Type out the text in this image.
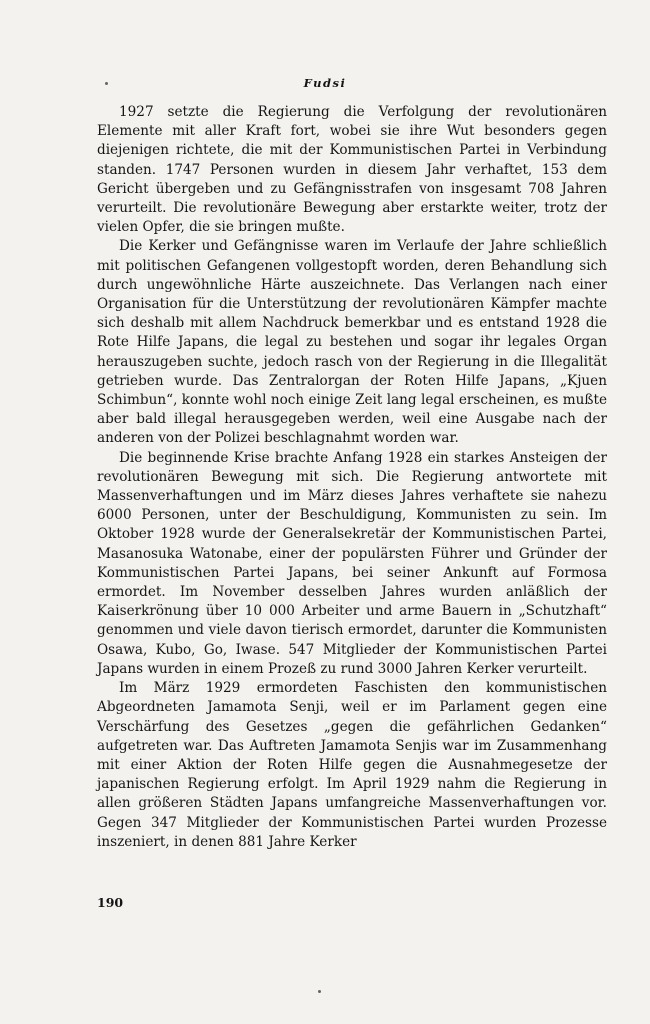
Fudsi

1927 setzte die Regierung die Verfolgung der revolutionären Elemente mit aller Kraft fort, wobei sie ihre Wut besonders gegen diejenigen richtete, die mit der Kommunistischen Partei in Verbindung standen. 1747 Personen wurden in diesem Jahr verhaftet, 153 dem Gericht übergeben und zu Gefängnisstrafen von insgesamt 708 Jahren verurteilt. Die revolutionäre Bewegung aber erstarkte weiter, trotz der vielen Opfer, die sie bringen mußte.

Die Kerker und Gefängnisse waren im Verlaufe der Jahre schließlich mit politischen Gefangenen vollgestopft worden, deren Behandlung sich durch ungewöhnliche Härte auszeichnete. Das Verlangen nach einer Organisation für die Unterstützung der revolutionären Kämpfer machte sich deshalb mit allem Nachdruck bemerkbar und es entstand 1928 die Rote Hilfe Japans, die legal zu bestehen und sogar ihr legales Organ herauszugeben suchte, jedoch rasch von der Regierung in die Illegalität getrieben wurde. Das Zentralorgan der Roten Hilfe Japans, „Kjuen Schimbun“, konnte wohl noch einige Zeit lang legal erscheinen, es mußte aber bald illegal herausgegeben werden, weil eine Ausgabe nach der anderen von der Polizei beschlagnahmt worden war.

Die beginnende Krise brachte Anfang 1928 ein starkes Ansteigen der revolutionären Bewegung mit sich. Die Regierung antwortete mit Massenverhaftungen und im März dieses Jahres verhaftete sie nahezu 6000 Personen, unter der Beschuldigung, Kommunisten zu sein. Im Oktober 1928 wurde der Generalsekretär der Kommunistischen Partei, Masanosuka Watonabe, einer der populärsten Führer und Gründer der Kommunistischen Partei Japans, bei seiner Ankunft auf Formosa ermordet. Im November desselben Jahres wurden anläßlich der Kaiserkrönung über 10 000 Arbeiter und arme Bauern in „Schutzhaft“ genommen und viele davon tierisch ermordet, darunter die Kommunisten Osawa, Kubo, Go, Iwase. 547 Mitglieder der Kommunistischen Partei Japans wurden in einem Prozeß zu rund 3000 Jahren Kerker verurteilt.

Im März 1929 ermordeten Faschisten den kommunistischen Abgeordneten Jamamota Senji, weil er im Parlament gegen eine Verschärfung des Gesetzes „gegen die gefährlichen Gedanken“ aufgetreten war. Das Auftreten Jamamota Senjis war im Zusammenhang mit einer Aktion der Roten Hilfe gegen die Ausnahmegesetze der japanischen Regierung erfolgt. Im April 1929 nahm die Regierung in allen größeren Städten Japans umfangreiche Massenverhaftungen vor. Gegen 347 Mitglieder der Kommunistischen Partei wurden Prozesse inszeniert, in denen 881 Jahre Kerker

190
